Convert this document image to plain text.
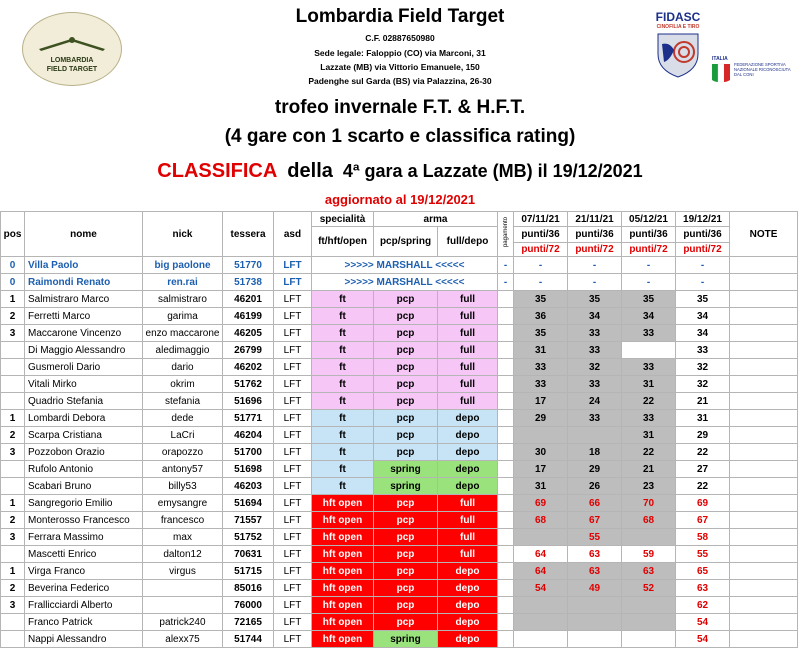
LOMBARDIA
FIELD TARGET
Lombardia Field Target
C.F. 02887650980
Sede legale: Faloppio (CO) via Marconi, 31
Lazzate (MB) via Vittorio Emanuele, 150
Padenghe sul Garda (BS) via Palazzina, 26-30
FIDASC
CINOFILIA E TIRO
ITALIA
FEDERAZIONE SPORTIVA NAZIONALE RICONOSCIUTA DAL CONI
trofeo invernale F.T. & H.F.T.
(4 gare con 1 scarto e classifica rating)
CLASSIFICA della 4ª gara a Lazzate (MB) il 19/12/2021
aggiornato al 19/12/2021
pos	nome	nick	tessera	asd	specialità	arma		pagamento	07/11/21	21/11/21	05/12/21	19/12/21	NOTE
					ft/hft/open	pcp/spring	full/depo		punti/36	punti/36	punti/36	punti/36	
									punti/72	punti/72	punti/72	punti/72	
0	Villa Paolo	big paolone	51770	LFT	>>>>> MARSHALL <<<<<			-	-	-	-	-	
0	Raimondi Renato	ren.rai	51738	LFT	>>>>> MARSHALL <<<<<			-	-	-	-	-	
1	Salmistraro Marco	salmistraro	46201	LFT	ft	pcp	full		35	35	35	35	
2	Ferretti Marco	garima	46199	LFT	ft	pcp	full		36	34	34	34	
3	Maccarone Vincenzo	enzo maccarone	46205	LFT	ft	pcp	full		35	33	33	34	
	Di Maggio Alessandro	aledimaggio	26799	LFT	ft	pcp	full		31	33		33	
	Gusmeroli Dario	dario	46202	LFT	ft	pcp	full		33	32	33	32	
	Vitali Mirko	okrim	51762	LFT	ft	pcp	full		33	33	31	32	
	Quadrio Stefania	stefania	51696	LFT	ft	pcp	full		17	24	22	21	
1	Lombardi Debora	dede	51771	LFT	ft	pcp	depo		29	33	33	31	
2	Scarpa Cristiana	LaCri	46204	LFT	ft	pcp	depo				31	29	
3	Pozzobon Orazio	orapozzo	51700	LFT	ft	pcp	depo		30	18	22	22	
	Rufolo Antonio	antony57	51698	LFT	ft	spring	depo		17	29	21	27	
	Scabari Bruno	billy53	46203	LFT	ft	spring	depo		31	26	23	22	
1	Sangregorio Emilio	emysangre	51694	LFT	hft open	pcp	full		69	66	70	69	
2	Monterosso Francesco	francesco	71557	LFT	hft open	pcp	full		68	67	68	67	
3	Ferrara Massimo	max	51752	LFT	hft open	pcp	full			55		58	
	Mascetti Enrico	dalton12	70631	LFT	hft open	pcp	full		64	63	59	55	
1	Virga Franco	virgus	51715	LFT	hft open	pcp	depo		64	63	63	65	
2	Beverina Federico		85016	LFT	hft open	pcp	depo		54	49	52	63	
3	Frallicciardi Alberto		76000	LFT	hft open	pcp	depo					62	
	Franco Patrick	patrick240	72165	LFT	hft open	pcp	depo					54	
	Nappi Alessandro	alexx75	51744	LFT	hft open	spring	depo					54	
